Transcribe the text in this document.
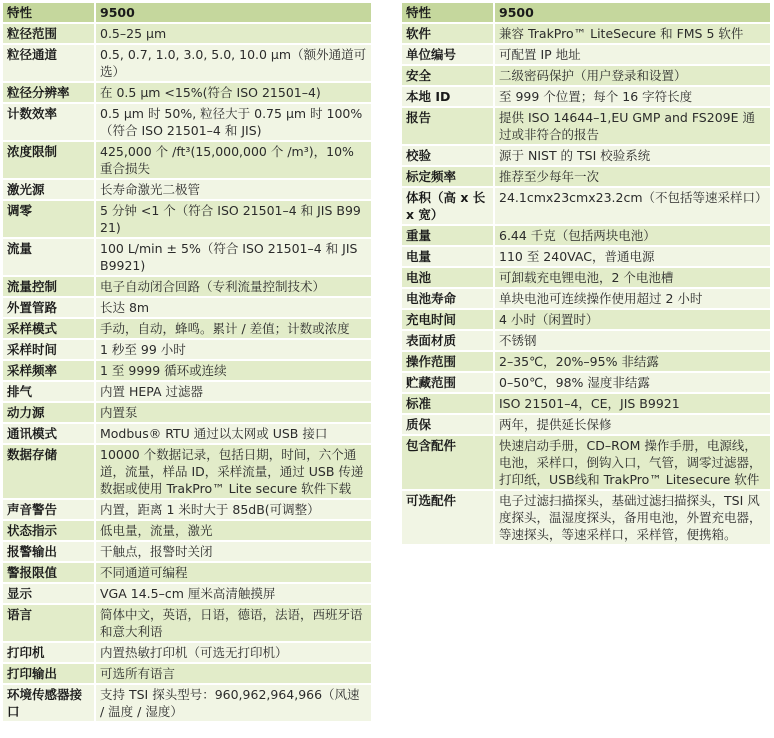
特性	9500
粒径范围	0.5–25 μm
粒径通道	0.5, 0.7, 1.0, 3.0, 5.0, 10.0 μm（额外通道可选）
粒径分辨率	在 0.5 μm <15%(符合 ISO 21501–4)
计数效率	0.5 μm 时 50%, 粒径大于 0.75 μm 时 100%（符合 ISO 21501–4 和 JIS)
浓度限制	425,000 个 /ft³(15,000,000 个 /m³)，10% 重合损失
激光源	长寿命激光二极管
调零	5 分钟 <1 个（符合 ISO 21501–4 和 JIS B9921)
流量	100 L/min ± 5%（符合 ISO 21501–4 和 JIS B9921)
流量控制	电子自动闭合回路（专利流量控制技术）
外置管路	长达 8m
采样模式	手动，自动，蜂鸣。累计 / 差值；计数或浓度
采样时间	1 秒至 99 小时
采样频率	1 至 9999 循环或连续
排气	内置 HEPA 过滤器
动力源	内置泵
通讯模式	Modbus® RTU 通过以太网或 USB 接口
数据存储	10000 个数据记录，包括日期，时间，六个通道，流量，样品 ID，采样流量，通过 USB 传递数据或使用 TrakPro™ Lite secure 软件下载
声音警告	内置，距离 1 米时大于 85dB(可调整）
状态指示	低电量，流量，激光
报警输出	干触点，报警时关闭
警报限值	不同通道可编程
显示	VGA 14.5–cm 厘米高清触摸屏
语言	简体中文，英语，日语，德语，法语，西班牙语和意大利语
打印机	内置热敏打印机（可选无打印机）
打印输出	可选所有语言
环境传感器接口	支持 TSI 探头型号：960,962,964,966（风速 / 温度 / 湿度）
特性	9500
软件	兼容 TrakPro™ LiteSecure 和 FMS 5 软件
单位编号	可配置 IP 地址
安全	二级密码保护（用户登录和设置）
本地 ID	至 999 个位置；每个 16 字符长度
报告	提供 ISO 14644–1,EU GMP and FS209E 通过或非符合的报告
校验	源于 NIST 的 TSI 校验系统
标定频率	推荐至少每年一次
体积（高 x 长 x 宽）	24.1cmx23cmx23.2cm（不包括等速采样口）
重量	6.44 千克（包括两块电池）
电量	110 至 240VAC，普通电源
电池	可卸载充电锂电池，2 个电池槽
电池寿命	单块电池可连续操作使用超过 2 小时
充电时间	4 小时（闲置时）
表面材质	不锈钢
操作范围	2–35℃，20%–95% 非结露
贮藏范围	0–50℃，98% 湿度非结露
标准	ISO 21501–4，CE，JIS B9921
质保	两年，提供延长保修
包含配件	快速启动手册，CD–ROM 操作手册，电源线，电池，采样口，倒钩入口，气管，调零过滤器，打印纸，USB线和 TrakPro™ Litesecure 软件
可选配件	电子过滤扫描探头，基础过滤扫描探头，TSI 风度探头，温湿度探头，备用电池，外置充电器，等速探头，等速采样口，采样管，便携箱。
